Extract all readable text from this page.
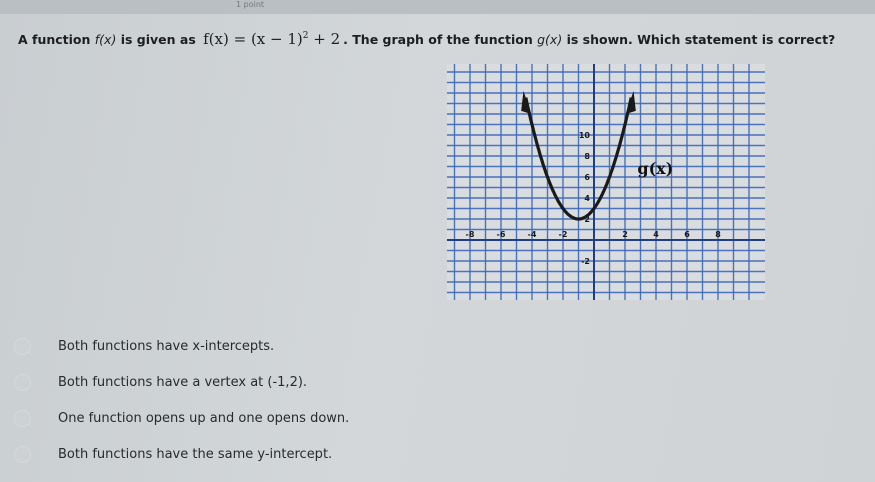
1 point
A function f(x) is given as $f(x) = (x - 1)^2 + 2$ . The graph of the function g(x) is shown. Which statement is correct?
-8	-6	-4	-2	2	4	6	8
10
8
6
4
2
-2
g(x)
Both functions have x-intercepts.
Both functions have a vertex at (-1,2).
One function opens up and one opens down.
Both functions have the same y-intercept.
